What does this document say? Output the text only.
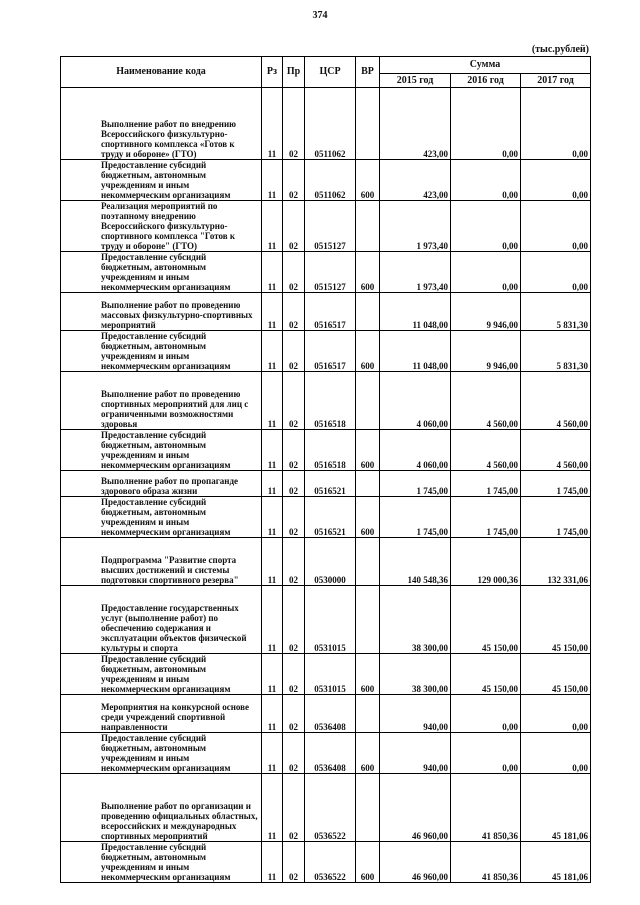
374
(тыс.рублей)
Наименование кода	Рз	Пр	ЦСР	ВР	Сумма		
					2015 год	2016 год	2017 год

Выполнение работ по внедрению Всероссийского физкультурно-спортивного комплекса «Готов к труду и обороне» (ГТО)	11	02	0511062		423,00	0,00	0,00

Предоставление субсидий бюджетным, автономным учреждениям и иным некоммерческим организациям	11	02	0511062	600	423,00	0,00	0,00

Реализация мероприятий по поэтапному внедрению Всероссийского физкультурно-спортивного комплекса "Готов к труду и обороне" (ГТО)	11	02	0515127		1 973,40	0,00	0,00

Предоставление субсидий бюджетным, автономным учреждениям и иным некоммерческим организациям	11	02	0515127	600	1 973,40	0,00	0,00

Выполнение работ по проведению массовых физкультурно-спортивных мероприятий	11	02	0516517		11 048,00	9 946,00	5 831,30

Предоставление субсидий бюджетным, автономным учреждениям и иным некоммерческим организациям	11	02	0516517	600	11 048,00	9 946,00	5 831,30

Выполнение работ по проведению спортивных мероприятий для лиц с ограниченными возможностями здоровья	11	02	0516518		4 060,00	4 560,00	4 560,00

Предоставление субсидий бюджетным, автономным учреждениям и иным некоммерческим организациям	11	02	0516518	600	4 060,00	4 560,00	4 560,00

Выполнение работ по пропаганде здорового образа жизни	11	02	0516521		1 745,00	1 745,00	1 745,00

Предоставление субсидий бюджетным, автономным учреждениям и иным некоммерческим организациям	11	02	0516521	600	1 745,00	1 745,00	1 745,00

Подпрограмма "Развитие спорта высших достижений и системы подготовки спортивного резерва"	11	02	0530000		140 548,36	129 000,36	132 331,06

Предоставление государственных услуг (выполнение работ) по обеспечению содержания и эксплуатации объектов физической культуры и спорта	11	02	0531015		38 300,00	45 150,00	45 150,00

Предоставление субсидий бюджетным, автономным учреждениям и иным некоммерческим организациям	11	02	0531015	600	38 300,00	45 150,00	45 150,00

Мероприятия на конкурсной основе среди учреждений спортивной направленности	11	02	0536408		940,00	0,00	0,00

Предоставление субсидий бюджетным, автономным учреждениям и иным некоммерческим организациям	11	02	0536408	600	940,00	0,00	0,00

Выполнение работ по организации и проведению официальных областных, всероссийских и международных спортивных мероприятий	11	02	0536522		46 960,00	41 850,36	45 181,06

Предоставление субсидий бюджетным, автономным учреждениям и иным некоммерческим организациям	11	02	0536522	600	46 960,00	41 850,36	45 181,06
